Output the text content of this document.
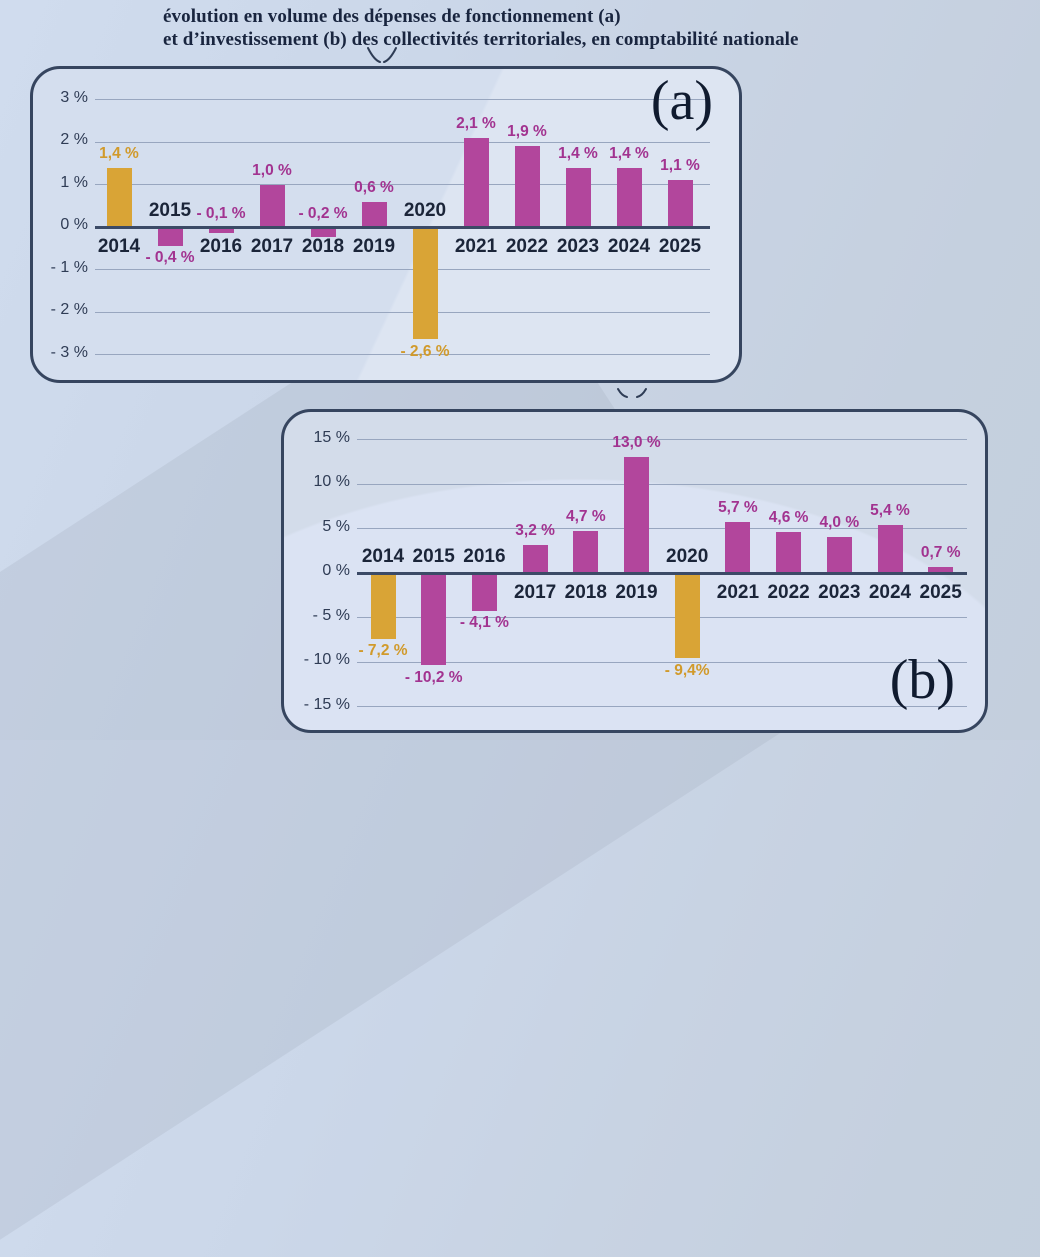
évolution en volume des dépenses de fonctionnement (a)
et d’investissement (b) des collectivités territoriales, en comptabilité nationale
3 %
2 %
1 %
0 %
- 1 %
- 2 %
- 3 %
1,4 %
2014
- 0,4 %
2015 - 0,1 %
2016
1,0 %
2017
- 0,2 %
2018
0,6 %
2019
- 2,6 %
2020
2,1 %
2021
1,9 %
2022
1,4 %
2023
1,4 %
2024
1,1 %
2025
(a)
15 %
10 %
5 %
0 %
- 5 %
- 10 %
- 15 %
- 7,2 %
2014
- 10,2 %
2015
- 4,1 %
2016
3,2 %
2017
4,7 %
2018
13,0 %
2019
- 9,4%
2020
5,7 %
2021
4,6 %
2022
4,0 %
2023
5,4 %
2024
0,7 %
2025
(b)
